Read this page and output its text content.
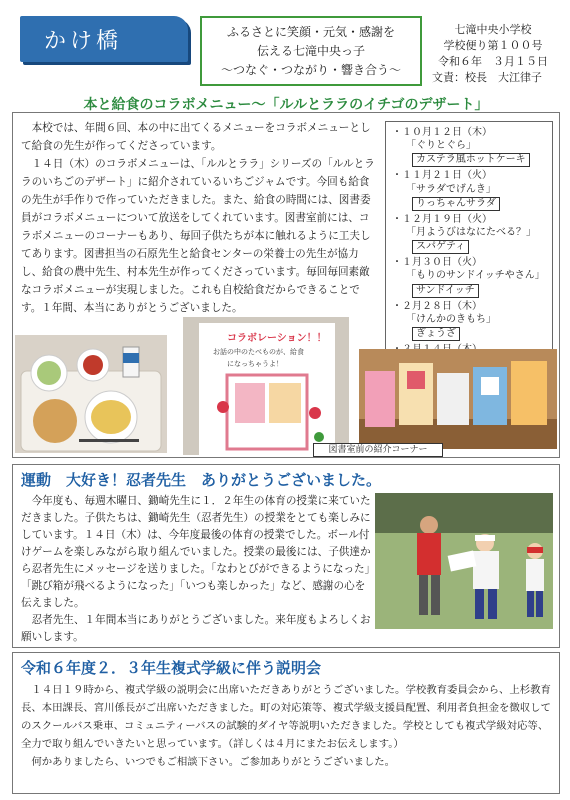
かけ橋	ふるさとに笑顔・元気・感謝を
伝える七滝中央っ子
～つなぐ・つながり・響き合う～
七滝中央小学校
学校便り第１００号
令和６年　３月１５日
文責：校長　大江律子
本と給食のコラボメニュー～「ルルとララのイチゴのデザート」

本校では、年間６回、本の中に出てくるメニューをコラボメニューとして給食の先生が作ってくださっています。

１４日（木）のコラボメニューは、「ルルとララ」シリーズの「ルルとララのいちごのデザート」に紹介されているいちごジャムです。今回も給食の先生が手作りで作っていただきました。また、給食の時間には、図書委員がコラボメニューについて放送をしてくれています。図書室前には、コラボメニューのコーナーもあり、毎回子供たちが本に触れるように工夫してあります。図書担当の石原先生と給食センターの栄養士の先生が協力し、給食の農中先生、村本先生が作ってくださっています。毎回毎回素敵なコラボメニューが実現しました。これも自校給食だからできることです。１年間、本当にありがとうございました。

・１０月１２日（木）
「ぐりとぐら」
カステラ風ホットケーキ
・１１月２１日（火）
「サラダでげんき」
りっちゃんサラダ
・１２月１９日（火）
「月ようびはなにたべる？」
スパゲティ
・１月３０日（火）
「もりのサンドイッチやさん」
サンドイッチ
・２月２８日（木）
「けんかのきもち」
ぎょうざ
コラボレーション！！
お話の中のたべものが、給食
になっちゃうよ！
図書室前の紹介コーナー
運動　大好き！忍者先生　ありがとうございました。

今年度も、毎週木曜日、鋤崎先生に１．２年生の体育の授業に来ていただきました。子供たちは、鋤崎先生（忍者先生）の授業をとても楽しみにしています。１４日（木）は、今年度最後の体育の授業でした。ボール付けゲームを楽しみながら取り組んでいました。授業の最後には、子供達から忍者先生にメッセージを送りました。「なわとびができるようになった」「跳び箱が飛べるようになった」「いつも楽しかった」など、感謝の心を伝えました。

忍者先生、１年間本当にありがとうございました。来年度もよろしくお願いします。

令和６年度２．３年生複式学級に伴う説明会

１４日１９時から、複式学級の説明会に出席いただきありがとうございました。学校教育委員会から、上杉教育長、本田課長、宮川係長がご出席いただきました。町の対応策等、複式学級支援員配置、利用者負担金を徴収してのスクールバス乗車、コミュニティーバスの試験的ダイヤ等説明いただきました。学校としても複式学級対応等、全力で取り組んでいきたいと思っています。（詳しくは４月にまたお伝えします。）

何かありましたら、いつでもご相談下さい。ご参加ありがとうございました。
